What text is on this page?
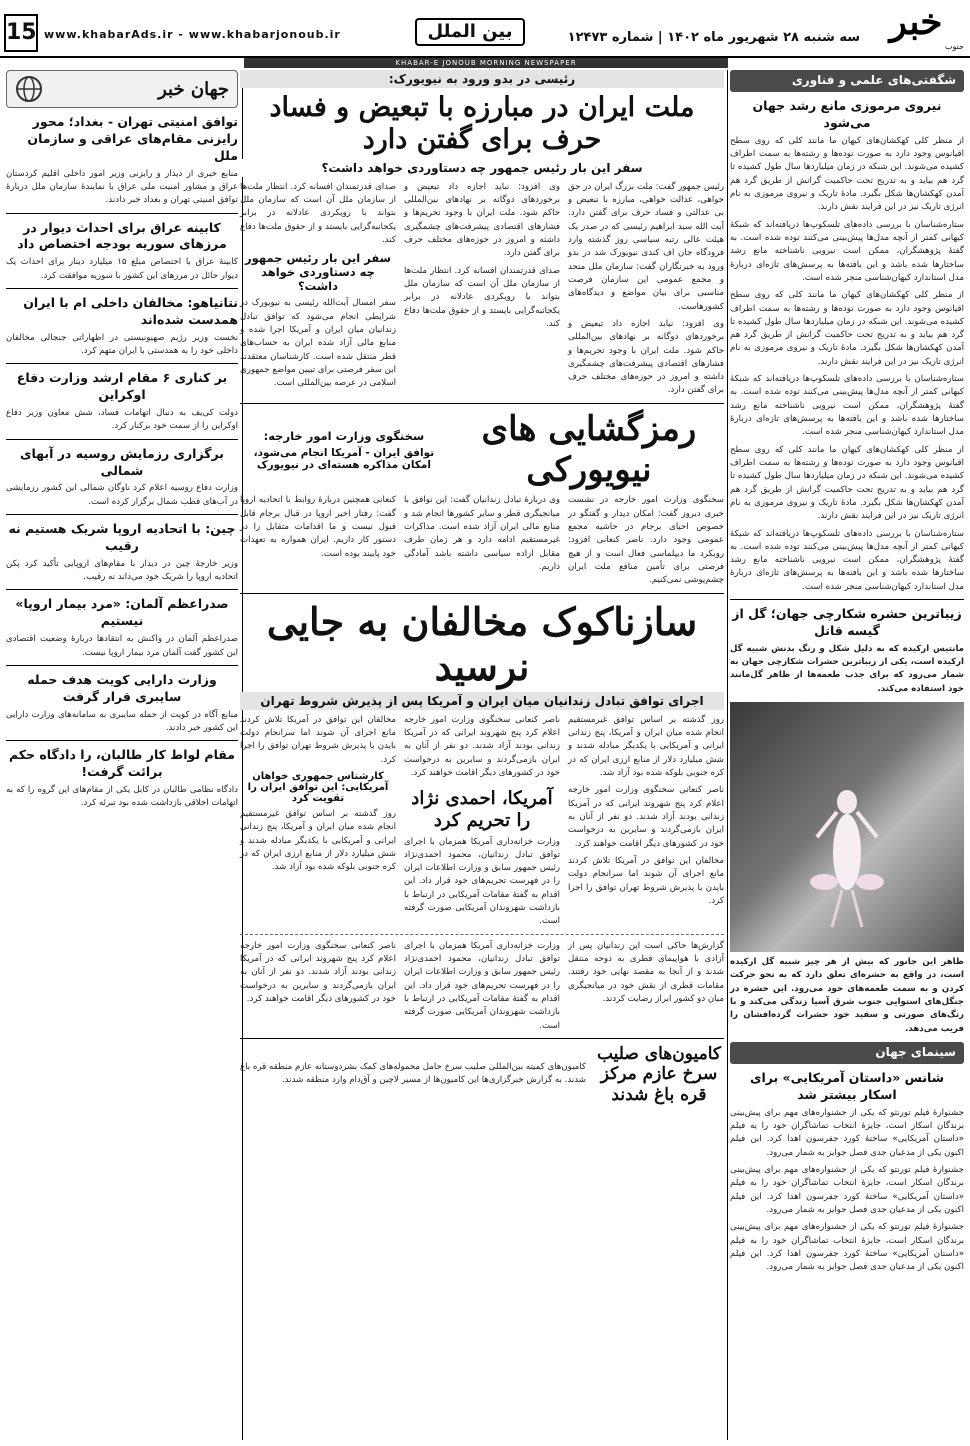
خبر
جنوب
سه شنبه ۲۸ شهریور ماه ۱۴۰۲ | شماره ۱۲۴۷۳
بین الملل
www.khabarAds.ir - www.khabarjonoub.ir
15
KHABAR-E JONOUB MORNING NEWSPAPER
شگفتی‌های علمی و فناوری
نیروی مرموزی مانع رشد جهان می‌شود
از منظر کلی کهکشان‌های کیهان ما مانند کلی که روی سطح اقیانوس وجود دارد به صورت توده‌ها و رشته‌ها به سمت اطراف کشیده می‌شوند. این شبکه در زمان میلیاردها سال طول کشیده تا گرد هم بیاید و به تدریج تحت حاکمیت گرانش از طریق گرد هم آمدن کهکشان‌ها شکل بگیرد. مادهٔ تاریک و نیروی مرموزی به نام انرژی تاریک نیز در این فرایند نقش دارند.
ستاره‌شناسان با بررسی داده‌های تلسکوپ‌ها دریافته‌اند که شبکهٔ کیهانی کمتر از آنچه مدل‌ها پیش‌بینی می‌کنند توده شده است. به گفتهٔ پژوهشگران، ممکن است نیرویی ناشناخته مانع رشد ساختارها شده باشد و این یافته‌ها به پرسش‌های تازه‌ای دربارهٔ مدل استاندارد کیهان‌شناسی منجر شده است.
از منظر کلی کهکشان‌های کیهان ما مانند کلی که روی سطح اقیانوس وجود دارد به صورت توده‌ها و رشته‌ها به سمت اطراف کشیده می‌شوند. این شبکه در زمان میلیاردها سال طول کشیده تا گرد هم بیاید و به تدریج تحت حاکمیت گرانش از طریق گرد هم آمدن کهکشان‌ها شکل بگیرد. مادهٔ تاریک و نیروی مرموزی به نام انرژی تاریک نیز در این فرایند نقش دارند.
ستاره‌شناسان با بررسی داده‌های تلسکوپ‌ها دریافته‌اند که شبکهٔ کیهانی کمتر از آنچه مدل‌ها پیش‌بینی می‌کنند توده شده است. به گفتهٔ پژوهشگران، ممکن است نیرویی ناشناخته مانع رشد ساختارها شده باشد و این یافته‌ها به پرسش‌های تازه‌ای دربارهٔ مدل استاندارد کیهان‌شناسی منجر شده است.
از منظر کلی کهکشان‌های کیهان ما مانند کلی که روی سطح اقیانوس وجود دارد به صورت توده‌ها و رشته‌ها به سمت اطراف کشیده می‌شوند. این شبکه در زمان میلیاردها سال طول کشیده تا گرد هم بیاید و به تدریج تحت حاکمیت گرانش از طریق گرد هم آمدن کهکشان‌ها شکل بگیرد. مادهٔ تاریک و نیروی مرموزی به نام انرژی تاریک نیز در این فرایند نقش دارند.
ستاره‌شناسان با بررسی داده‌های تلسکوپ‌ها دریافته‌اند که شبکهٔ کیهانی کمتر از آنچه مدل‌ها پیش‌بینی می‌کنند توده شده است. به گفتهٔ پژوهشگران، ممکن است نیرویی ناشناخته مانع رشد ساختارها شده باشد و این یافته‌ها به پرسش‌های تازه‌ای دربارهٔ مدل استاندارد کیهان‌شناسی منجر شده است.
زیباترین حشره شکارچی جهان؛ گل از گیسه قاتل
مانتیس ارکیده که به دلیل شکل و رنگ بدنش شبیه گل ارکیده است، یکی از زیباترین حشرات شکارچی جهان به شمار می‌رود که برای جذب طعمه‌ها از ظاهر گل‌مانند خود استفاده می‌کند.
ظاهر این جانور که بیش از هر چیز شبیه گل ارکیده است، در واقع به حشره‌ای تعلق دارد که به نحو حرکت کردن و به سمت طعمه‌های خود می‌رود. این حشره در جنگل‌های استوایی جنوب شرق آسیا زندگی می‌کند و با رنگ‌های صورتی و سفید خود حشرات گرده‌افشان را فریب می‌دهد.
سینمای جهان
شانس «داستان آمریکایی» برای اسکار بیشتر شد
جشنوارهٔ فیلم تورنتو که یکی از جشنواره‌های مهم برای پیش‌بینی برندگان اسکار است، جایزهٔ انتخاب تماشاگران خود را به فیلم «داستان آمریکایی» ساختهٔ کورد جفرسون اهدا کرد. این فیلم اکنون یکی از مدعیان جدی فصل جوایز به شمار می‌رود.
جشنوارهٔ فیلم تورنتو که یکی از جشنواره‌های مهم برای پیش‌بینی برندگان اسکار است، جایزهٔ انتخاب تماشاگران خود را به فیلم «داستان آمریکایی» ساختهٔ کورد جفرسون اهدا کرد. این فیلم اکنون یکی از مدعیان جدی فصل جوایز به شمار می‌رود.
جشنوارهٔ فیلم تورنتو که یکی از جشنواره‌های مهم برای پیش‌بینی برندگان اسکار است، جایزهٔ انتخاب تماشاگران خود را به فیلم «داستان آمریکایی» ساختهٔ کورد جفرسون اهدا کرد. این فیلم اکنون یکی از مدعیان جدی فصل جوایز به شمار می‌رود.
رئیسی در بدو ورود به نیویورک:
ملت ایران در مبارزه با تبعیض و فساد حرف برای گفتن دارد
سفر این بار رئیس جمهور چه دستاوردی خواهد داشت؟
رئیس جمهور گفت: ملت بزرگ ایران در حق خواهی، عدالت خواهی، مبارزه با تبعیض و بی عدالتی و فساد حرف برای گفتن دارد. آیت الله سید ابراهیم رئیسی که در صدر یک هیئت عالی رتبه سیاسی روز گذشته وارد فرودگاه جان اف کندی نیویورک شد در بدو ورود به خبرنگاران گفت: سازمان ملل متحد و مجمع عمومی این سازمان فرصت مناسبی برای بیان مواضع و دیدگاه‌های کشورهاست.
وی افزود: نباید اجازه داد تبعیض و برخوردهای دوگانه بر نهادهای بین‌المللی حاکم شود. ملت ایران با وجود تحریم‌ها و فشارهای اقتصادی پیشرفت‌های چشمگیری داشته و امروز در حوزه‌های مختلف حرف برای گفتن دارد.
وی افزود: نباید اجازه داد تبعیض و برخوردهای دوگانه بر نهادهای بین‌المللی حاکم شود. ملت ایران با وجود تحریم‌ها و فشارهای اقتصادی پیشرفت‌های چشمگیری داشته و امروز در حوزه‌های مختلف حرف برای گفتن دارد.
صدای قدرتمندان افسانه کرد. انتظار ملت‌ها از سازمان ملل آن است که سازمان ملل بتواند با رویکردی عادلانه در برابر یکجانبه‌گرایی بایستد و از حقوق ملت‌ها دفاع کند.
صدای قدرتمندان افسانه کرد. انتظار ملت‌ها از سازمان ملل آن است که سازمان ملل بتواند با رویکردی عادلانه در برابر یکجانبه‌گرایی بایستد و از حقوق ملت‌ها دفاع کند.
سفر این بار رئیس جمهور چه دستاوردی خواهد داشت؟
سفر امسال آیت‌الله رئیسی به نیویورک در شرایطی انجام می‌شود که توافق تبادل زندانیان میان ایران و آمریکا اجرا شده و منابع مالی آزاد شده ایران به حساب‌های قطر منتقل شده است. کارشناسان معتقدند این سفر فرصتی برای تبیین مواضع جمهوری اسلامی در عرصه بین‌المللی است.
رمزگشایی های نیویورکی
سخنگوی وزارت امور خارجه:
توافق ایران - آمریکا انجام می‌شود، امکان مذاکره هسته‌ای در نیویورک
سخنگوی وزارت امور خارجه در نشست خبری دیروز گفت: امکان دیدار و گفتگو در خصوص احیای برجام در حاشیه مجمع عمومی وجود دارد. ناصر کنعانی افزود: رویکرد ما دیپلماسی فعال است و از هیچ فرصتی برای تأمین منافع ملت ایران چشم‌پوشی نمی‌کنیم.
وی دربارهٔ تبادل زندانیان گفت: این توافق با میانجیگری قطر و سایر کشورها انجام شد و منابع مالی ایران آزاد شده است. مذاکرات غیرمستقیم ادامه دارد و هر زمان طرف مقابل اراده سیاسی داشته باشد آمادگی داریم.
کنعانی همچنین دربارهٔ روابط با اتحادیه اروپا گفت: رفتار اخیر اروپا در قبال برجام قابل قبول نیست و ما اقدامات متقابل را در دستور کار داریم. ایران همواره به تعهدات خود پایبند بوده است.
سازناکوک مخالفان به جایی نرسید
اجرای توافق تبادل زندانیان میان ایران و آمریکا پس از پذیرش شروط تهران
روز گذشته بر اساس توافق غیرمستقیم انجام شده میان ایران و آمریکا، پنج زندانی ایرانی و آمریکایی با یکدیگر مبادله شدند و شش میلیارد دلار از منابع ارزی ایران که در کره جنوبی بلوکه شده بود آزاد شد.
ناصر کنعانی سخنگوی وزارت امور خارجه اعلام کرد پنج شهروند ایرانی که در آمریکا زندانی بودند آزاد شدند. دو نفر از آنان به ایران بازمی‌گردند و سایرین به درخواست خود در کشورهای دیگر اقامت خواهند کرد.
مخالفان این توافق در آمریکا تلاش کردند مانع اجرای آن شوند اما سرانجام دولت بایدن با پذیرش شروط تهران توافق را اجرا کرد.
ناصر کنعانی سخنگوی وزارت امور خارجه اعلام کرد پنج شهروند ایرانی که در آمریکا زندانی بودند آزاد شدند. دو نفر از آنان به ایران بازمی‌گردند و سایرین به درخواست خود در کشورهای دیگر اقامت خواهند کرد.
آمریکا، احمدی نژاد را تحریم کرد
وزارت خزانه‌داری آمریکا همزمان با اجرای توافق تبادل زندانیان، محمود احمدی‌نژاد رئیس جمهور سابق و وزارت اطلاعات ایران را در فهرست تحریم‌های خود قرار داد. این اقدام به گفتهٔ مقامات آمریکایی در ارتباط با بازداشت شهروندان آمریکایی صورت گرفته است.
مخالفان این توافق در آمریکا تلاش کردند مانع اجرای آن شوند اما سرانجام دولت بایدن با پذیرش شروط تهران توافق را اجرا کرد.
کارشناس جمهوری خواهان آمریکایی: این توافق ایران را تقویت کرد
روز گذشته بر اساس توافق غیرمستقیم انجام شده میان ایران و آمریکا، پنج زندانی ایرانی و آمریکایی با یکدیگر مبادله شدند و شش میلیارد دلار از منابع ارزی ایران که در کره جنوبی بلوکه شده بود آزاد شد.
گزارش‌ها حاکی است این زندانیان پس از آزادی با هواپیمای قطری به دوحه منتقل شدند و از آنجا به مقصد نهایی خود رفتند. مقامات قطری از نقش خود در میانجیگری میان دو کشور ابراز رضایت کردند.
وزارت خزانه‌داری آمریکا همزمان با اجرای توافق تبادل زندانیان، محمود احمدی‌نژاد رئیس جمهور سابق و وزارت اطلاعات ایران را در فهرست تحریم‌های خود قرار داد. این اقدام به گفتهٔ مقامات آمریکایی در ارتباط با بازداشت شهروندان آمریکایی صورت گرفته است.
ناصر کنعانی سخنگوی وزارت امور خارجه اعلام کرد پنج شهروند ایرانی که در آمریکا زندانی بودند آزاد شدند. دو نفر از آنان به ایران بازمی‌گردند و سایرین به درخواست خود در کشورهای دیگر اقامت خواهند کرد.
کامیون‌های صلیب سرخ عازم مرکز قره باغ شدند
کامیون‌های کمیته بین‌المللی صلیب سرخ حامل محموله‌های کمک بشردوستانه عازم منطقه قره باغ شدند. به گزارش خبرگزاری‌ها این کامیون‌ها از مسیر لاچین و آق‌دام وارد منطقه شدند.
جهان خبر
توافق امنیتی تهران - بغداد؛ محور رایزنی مقام‌های عراقی و سازمان ملل
منابع خبری از دیدار و رایزنی وزیر امور داخلی اقلیم کردستان عراق و مشاور امنیت ملی عراق با نمایندهٔ سازمان ملل دربارهٔ توافق امنیتی تهران و بغداد خبر دادند.
کابینه عراق برای احداث دیوار در مرزهای سوریه بودجه اختصاص داد
کابینهٔ عراق با اختصاص مبلغ ۱۵ میلیارد دینار برای احداث یک دیوار حائل در مرزهای این کشور با سوریه موافقت کرد.
نتانیاهو: مخالفان داخلی ام با ایران همدست شده‌اند
نخست وزیر رژیم صهیونیستی در اظهاراتی جنجالی مخالفان داخلی خود را به همدستی با ایران متهم کرد.
بر کناری ۶ مقام ارشد وزارت دفاع اوکراین
دولت کی‌یف به دنبال اتهامات فساد، شش معاون وزیر دفاع اوکراین را از سمت خود برکنار کرد.
برگزاری رزمایش روسیه در آبهای شمالی
وزارت دفاع روسیه اعلام کرد ناوگان شمالی این کشور رزمایشی در آب‌های قطب شمال برگزار کرده است.
چین: با اتحادیه اروپا شریک هستیم نه رقیب
وزیر خارجهٔ چین در دیدار با مقام‌های اروپایی تأکید کرد پکن اتحادیه اروپا را شریک خود می‌داند نه رقیب.
صدراعظم آلمان: «مرد بیمار اروپا» نیستیم
صدراعظم آلمان در واکنش به انتقادها دربارهٔ وضعیت اقتصادی این کشور گفت آلمان مرد بیمار اروپا نیست.
وزارت دارایی کویت هدف حمله سایبری قرار گرفت
منابع آگاه در کویت از حمله سایبری به سامانه‌های وزارت دارایی این کشور خبر دادند.
مقام لواط کار طالبان، را دادگاه حکم برائت گرفت!
دادگاه نظامی طالبان در کابل یکی از مقام‌های این گروه را که به اتهامات اخلاقی بازداشت شده بود تبرئه کرد.
